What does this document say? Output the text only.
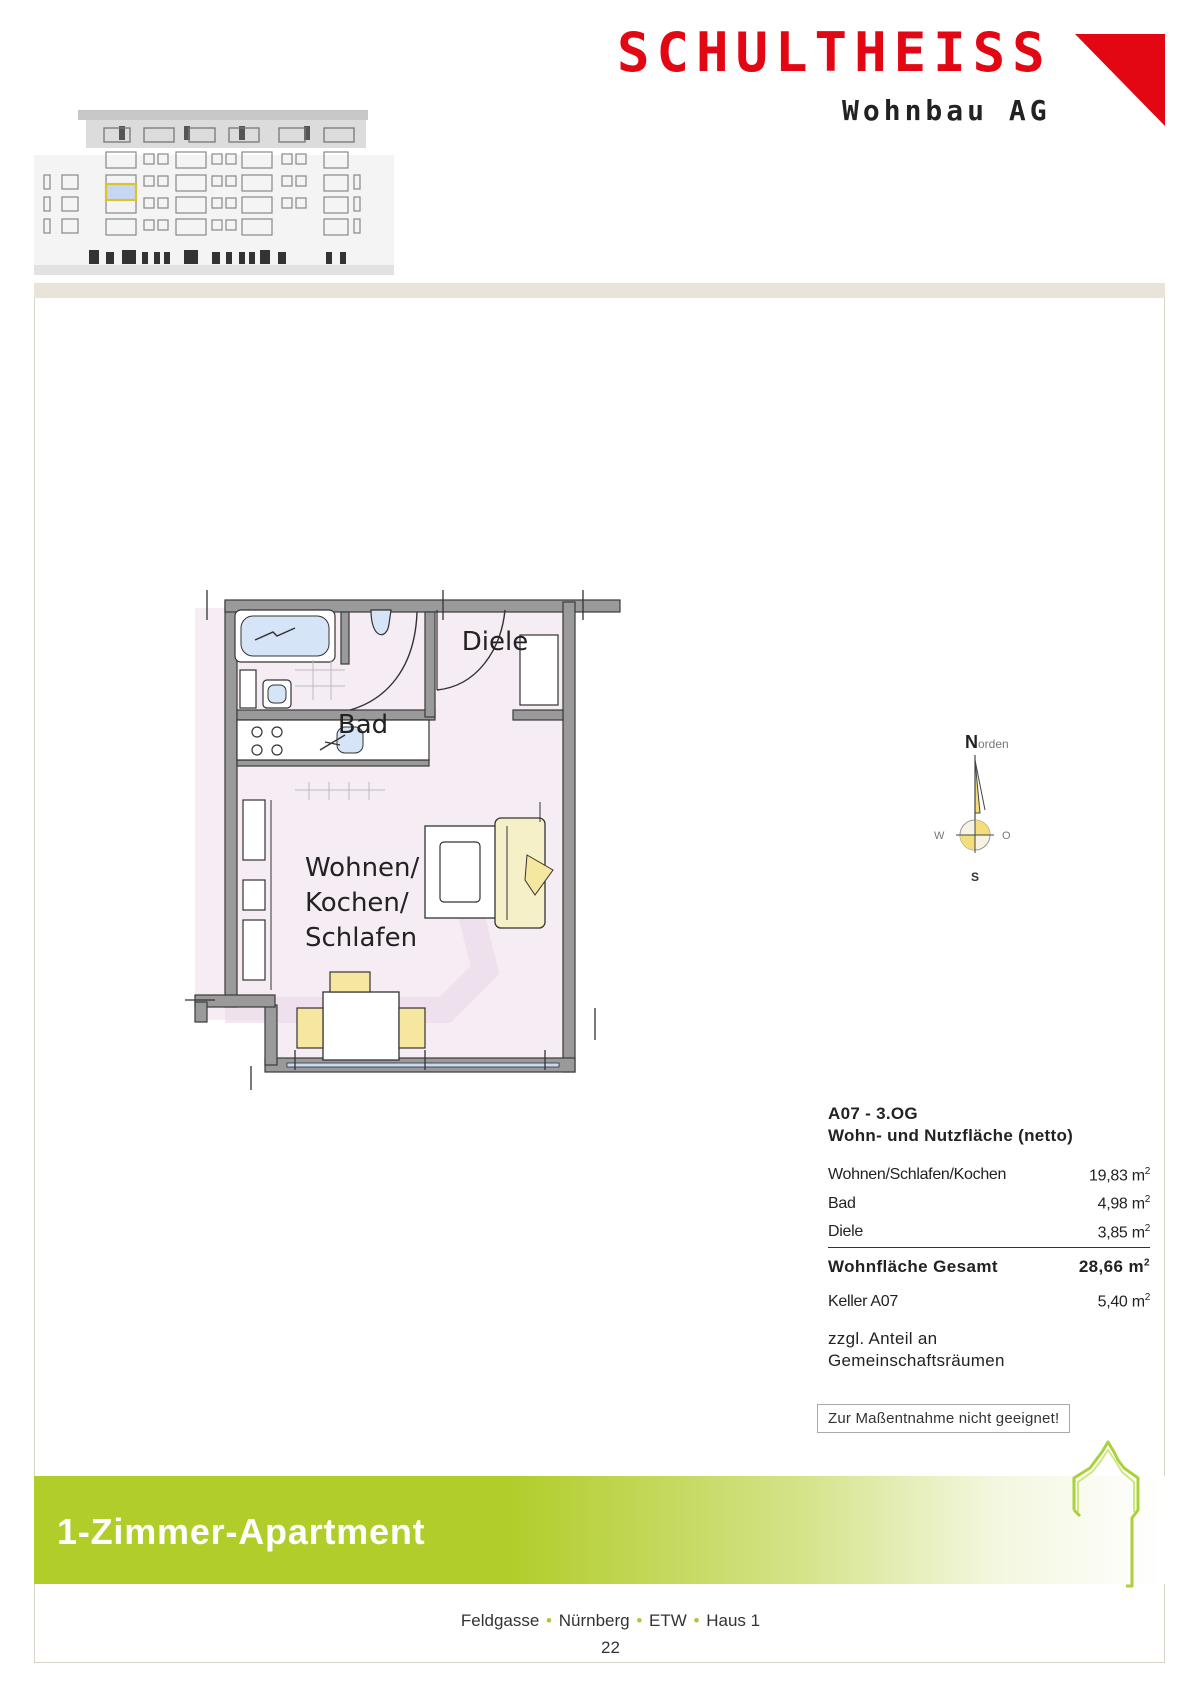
SCHULTHEISS
Wohnbau AG
Diele
Bad
Wohnen/
Kochen/
Schlafen
N orden
W	O
S
A07 - 3.OG
Wohn- und Nutzfläche (netto)
Wohnen/Schlafen/Kochen	19,83 $m^2$
Bad	4,98 $m^2$
Diele	3,85 $m^2$
Wohnfläche Gesamt	28,66 $m^2$
Keller A07	5,40 $m^2$
zzgl. Anteil an
Gemeinschaftsräumen
Zur Maßentnahme nicht geeignet!
1-Zimmer-Apartment
Feldgasse • Nürnberg • ETW • Haus 1
22
